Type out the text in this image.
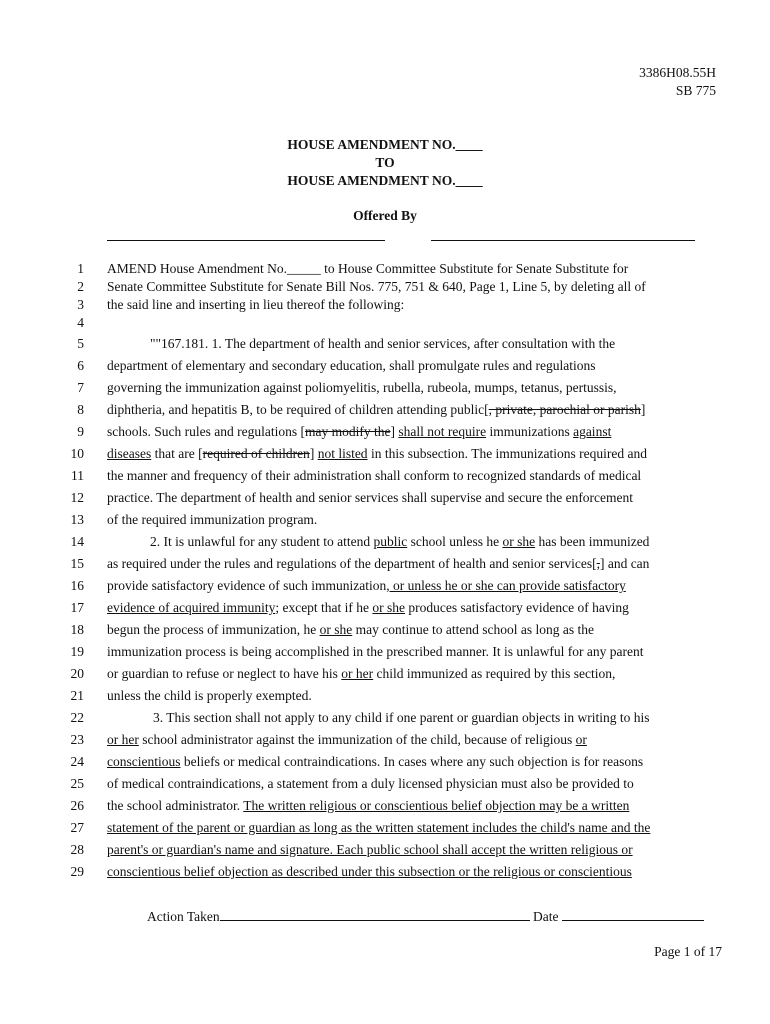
3386H08.55H
SB 775
HOUSE AMENDMENT NO.____
TO
HOUSE AMENDMENT NO.____
Offered By
1 AMEND House Amendment No._____ to House Committee Substitute for Senate Substitute for
2 Senate Committee Substitute for Senate Bill Nos. 775, 751 & 640, Page 1, Line 5, by deleting all of
3 the said line and inserting in lieu thereof the following:
4
5	""167.181. 1. The department of health and senior services, after consultation with the
6 department of elementary and secondary education, shall promulgate rules and regulations
7 governing the immunization against poliomyelitis, rubella, rubeola, mumps, tetanus, pertussis,
8 diphtheria, and hepatitis B, to be required of children attending public[, private, parochial or parish]
9 schools. Such rules and regulations [may modify the] shall not require immunizations against
10 diseases that are [required of children] not listed in this subsection. The immunizations required and
11 the manner and frequency of their administration shall conform to recognized standards of medical
12 practice. The department of health and senior services shall supervise and secure the enforcement
13 of the required immunization program.
14	2. It is unlawful for any student to attend public school unless he or she has been immunized
15 as required under the rules and regulations of the department of health and senior services[,] and can
16 provide satisfactory evidence of such immunization, or unless he or she can provide satisfactory
17 evidence of acquired immunity; except that if he or she produces satisfactory evidence of having
18 begun the process of immunization, he or she may continue to attend school as long as the
19 immunization process is being accomplished in the prescribed manner. It is unlawful for any parent
20 or guardian to refuse or neglect to have his or her child immunized as required by this section,
21 unless the child is properly exempted.
22	3. This section shall not apply to any child if one parent or guardian objects in writing to his
23 or her school administrator against the immunization of the child, because of religious or
24 conscientious beliefs or medical contraindications. In cases where any such objection is for reasons
25 of medical contraindications, a statement from a duly licensed physician must also be provided to
26 the school administrator. The written religious or conscientious belief objection may be a written
27 statement of the parent or guardian as long as the written statement includes the child's name and the
28 parent's or guardian's name and signature. Each public school shall accept the written religious or
29 conscientious belief objection as described under this subsection or the religious or conscientious
Action Taken	Date
Page 1 of 17
